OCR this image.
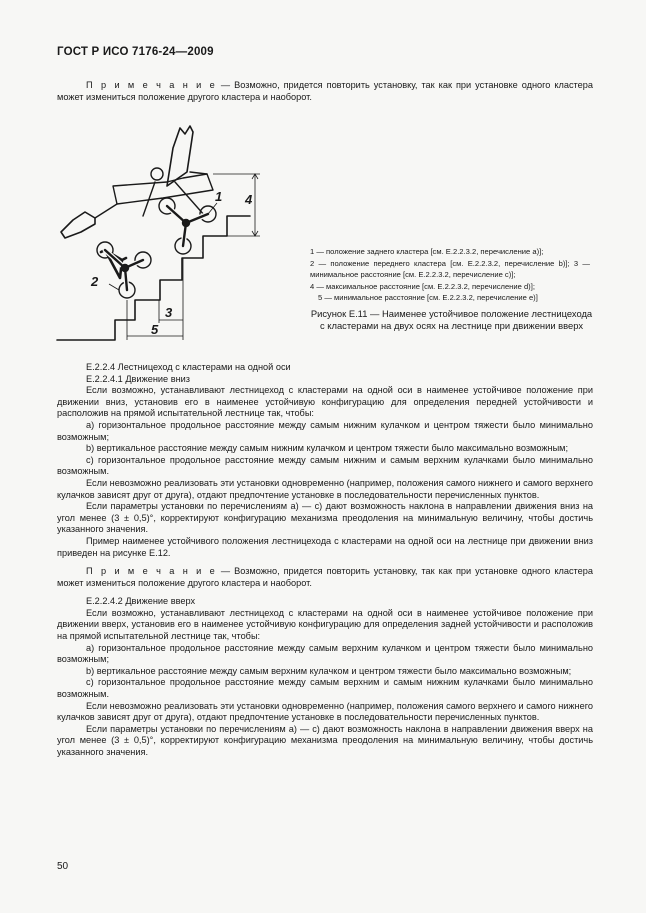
ГОСТ Р ИСО 7176-24—2009

П р и м е ч а н и е — Возможно, придется повторить установку, так как при установке одного кластера может измениться положение другого кластера и наоборот.

1
2
3
4
5
1 — положение заднего кластера [см. Е.2.2.3.2, перечисление а)];
2 — положение переднего кластера [см. Е.2.2.3.2, перечисление b)]; 3 — минимальное расстояние [см. Е.2.2.3.2, перечисление с)];
4 — максимальное расстояние [см. Е.2.2.3.2, перечисление d)];
5 — минимальное расстояние [см. Е.2.2.3.2, перечисление е)]
Рисунок Е.11 — Наименее устойчивое положение лестницехода с кластерами на двух осях на лестнице при движении вверх

Е.2.2.4 Лестницеход с кластерами на одной оси

Е.2.2.4.1 Движение вниз

Если возможно, устанавливают лестницеход с кластерами на одной оси в наименее устойчивое положение при движении вниз, установив его в наименее устойчивую конфигурацию для определения передней устойчивости и расположив на прямой испытательной лестнице так, чтобы:

a) горизонтальное продольное расстояние между самым нижним кулачком и центром тяжести было минимально возможным;

b) вертикальное расстояние между самым нижним кулачком и центром тяжести было максимально возможным;

c) горизонтальное продольное расстояние между самым нижним и самым верхним кулачками было минимально возможным.

Если невозможно реализовать эти установки одновременно (например, положения самого нижнего и самого верхнего кулачков зависят друг от друга), отдают предпочтение установке в последовательности перечисленных пунктов.

Если параметры установки по перечислениям а) — с) дают возможность наклона в направлении движения вниз на угол менее (3 ± 0,5)°, корректируют конфигурацию механизма преодоления на минимальную величину, чтобы достичь указанного значения.

Пример наименее устойчивого положения лестницехода с кластерами на одной оси на лестнице при движении вниз приведен на рисунке Е.12.

П р и м е ч а н и е — Возможно, придется повторить установку, так как при установке одного кластера может измениться положение другого кластера и наоборот.

Е.2.2.4.2 Движение вверх

Если возможно, устанавливают лестницеход с кластерами на одной оси в наименее устойчивое положение при движении вверх, установив его в наименее устойчивую конфигурацию для определения задней устойчивости и расположив на прямой испытательной лестнице так, чтобы:

a) горизонтальное продольное расстояние между самым верхним кулачком и центром тяжести было минимально возможным;

b) вертикальное расстояние между самым верхним кулачком и центром тяжести было максимально возможным;

c) горизонтальное продольное расстояние между самым верхним и самым нижним кулачками было минимально возможным.

Если невозможно реализовать эти установки одновременно (например, положения самого верхнего и самого нижнего кулачков зависят друг от друга), отдают предпочтение установке в последовательности перечисленных пунктов.

Если параметры установки по перечислениям а) — с) дают возможность наклона в направлении движения вверх на угол менее (3 ± 0,5)°, корректируют конфигурацию механизма преодоления на минимальную величину, чтобы достичь указанного значения.

50
